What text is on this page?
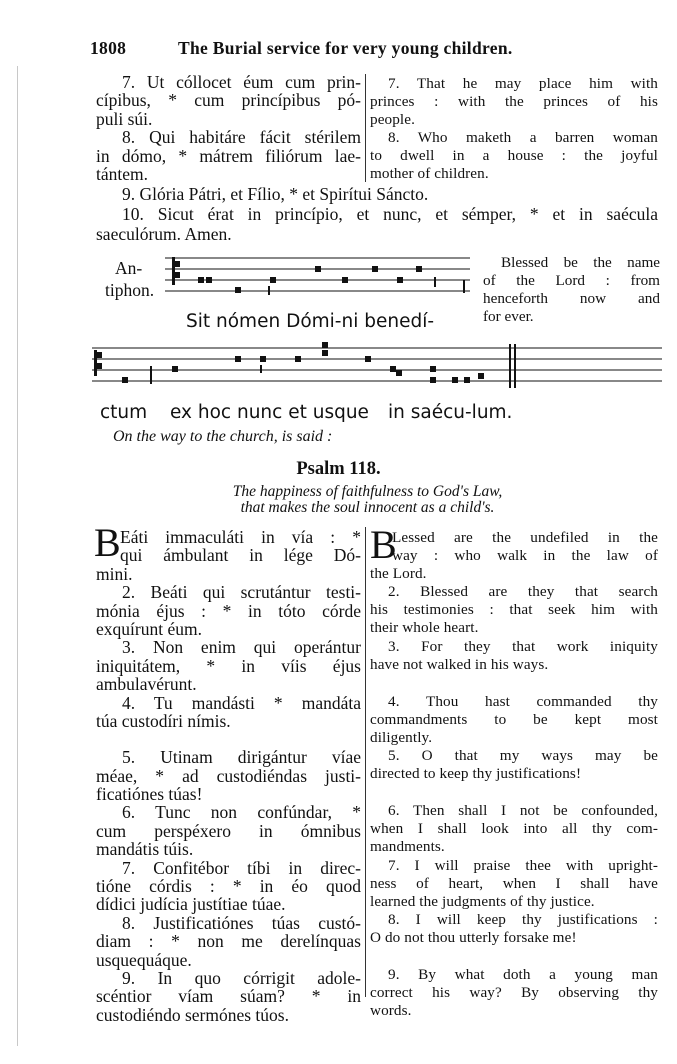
1808	The Burial service for very young children.
7. Ut cóllocet éum cum prin-
cípibus, * cum princípibus pó-
puli súi.
8. Qui habitáre fácit stérilem
in dómo, * mátrem filiórum lae-
tántem.
7. That he may place him with
princes : with the princes of his
people.
8. Who maketh a barren woman
to dwell in a house : the joyful
mother of children.
9. Glória Pátri, et Fílio, * et Spirítui Sáncto.
10. Sicut érat in princípio, et nunc, et sémper, * et in saécula
saeculórum. Amen.
An-
tiphon.
Sit nómen Dómi-ni benedí-
Blessed be the name
of the Lord : from
henceforth now and
for ever.
ctum ex hoc nunc et usque in saécu-lum.
On the way to the church, is said :
Psalm 118.
The happiness of faithfulness to God's Law,
that makes the soul innocent as a child's.
B Eáti immaculáti in vía : *
qui ámbulant in lége Dó-
mini.
2. Beáti qui scrutántur testi-
mónia éjus : * in tóto córde
exquírunt éum.
3. Non enim qui operántur
iniquitátem, * in víis éjus
ambulavérunt.
4. Tu mandásti * mandáta
túa custodíri nímis.
5. Utinam dirigántur víae
méae, * ad custodiéndas justi-
ficatiónes túas!
6. Tunc non confúndar, *
cum perspéxero in ómnibus
mandátis túis.
7. Confitébor tíbi in direc-
tióne córdis : * in éo quod
dídici judícia justítiae túae.
8. Justificatiónes túas custó-
diam : * non me derelínquas
usquequáque.
9. In quo córrigit adole-
scéntior víam súam? * in
custodiéndo sermónes túos.
B
Lessed are the undefiled in the
way : who walk in the law of
the Lord.
2. Blessed are they that search
his testimonies : that seek him with
their whole heart.
3. For they that work iniquity
have not walked in his ways.
4. Thou hast commanded thy
commandments to be kept most
diligently.
5. O that my ways may be
directed to keep thy justifications!
6. Then shall I not be confounded,
when I shall look into all thy com-
mandments.
7. I will praise thee with upright-
ness of heart, when I shall have
learned the judgments of thy justice.
8. I will keep thy justifications :
O do not thou utterly forsake me!
9. By what doth a young man
correct his way? By observing thy
words.
